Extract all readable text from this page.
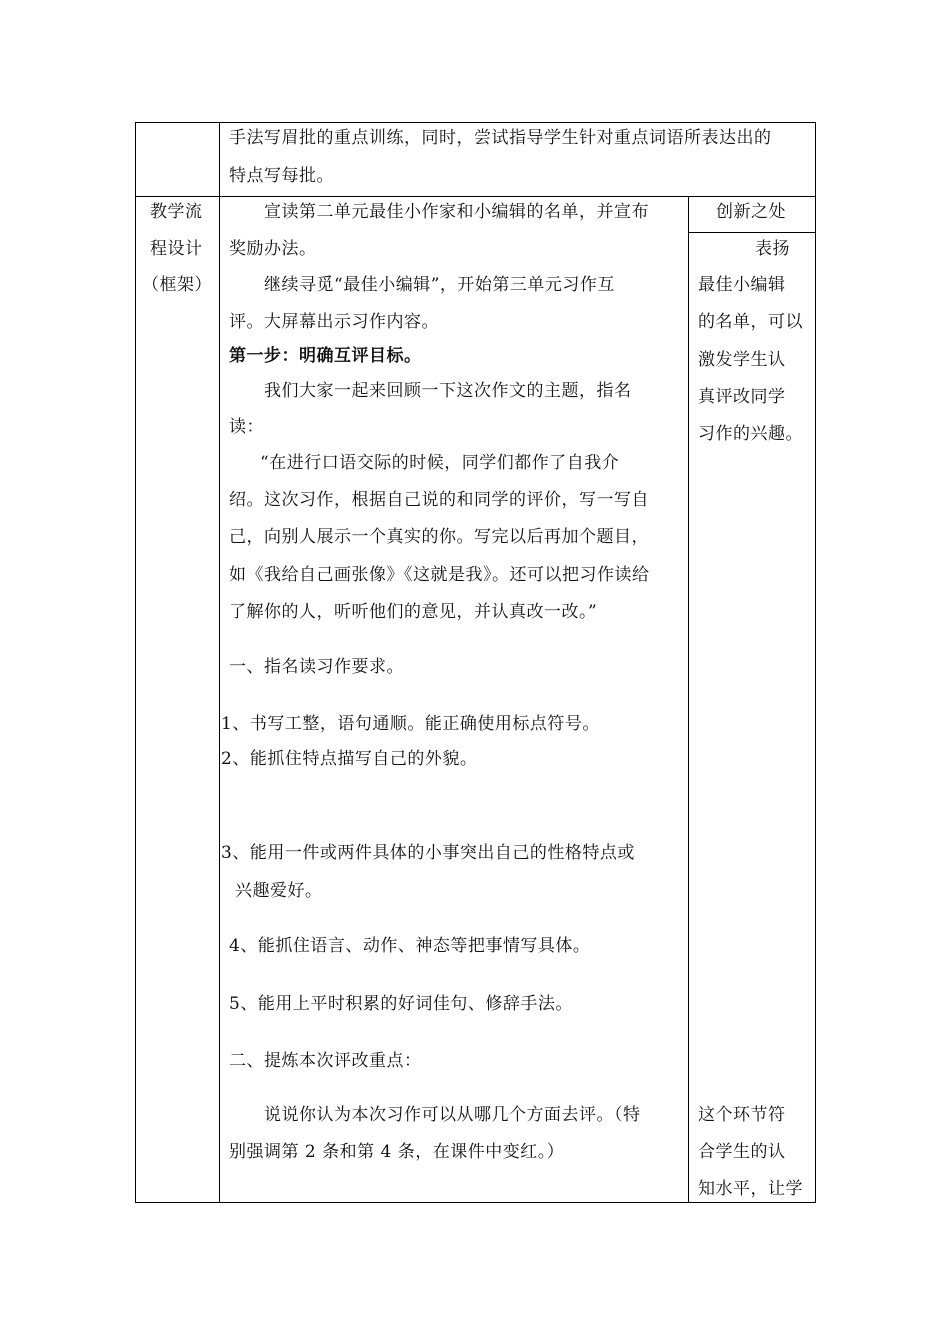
手法写眉批的重点训练，同时，尝试指导学生针对重点词语所表达出的
特点写每批。
教学流
程设计
（框架）
创新之处
表扬
最佳小编辑
的名单，可以
激发学生认
真评改同学
习作的兴趣。
这个环节符
合学生的认
知水平，让学
宣读第二单元最佳小作家和小编辑的名单，并宣布
奖励办法。
继续寻觅“最佳小编辑”，开始第三单元习作互
评。大屏幕出示习作内容。
第一步：明确互评目标。
我们大家一起来回顾一下这次作文的主题，指名
读：
“在进行口语交际的时候，同学们都作了自我介
绍。这次习作，根据自己说的和同学的评价，写一写自
己，向别人展示一个真实的你。写完以后再加个题目，
如《我给自己画张像》《这就是我》。还可以把习作读给
了解你的人，听听他们的意见，并认真改一改。”
一、指名读习作要求。
1、书写工整，语句通顺。能正确使用标点符号。
2、能抓住特点描写自己的外貌。
3、能用一件或两件具体的小事突出自己的性格特点或
兴趣爱好。
4、能抓住语言、动作、神态等把事情写具体。
5、能用上平时积累的好词佳句、修辞手法。
二、提炼本次评改重点：
说说你认为本次习作可以从哪几个方面去评。（特
别强调第 2 条和第 4 条，在课件中变红。）
